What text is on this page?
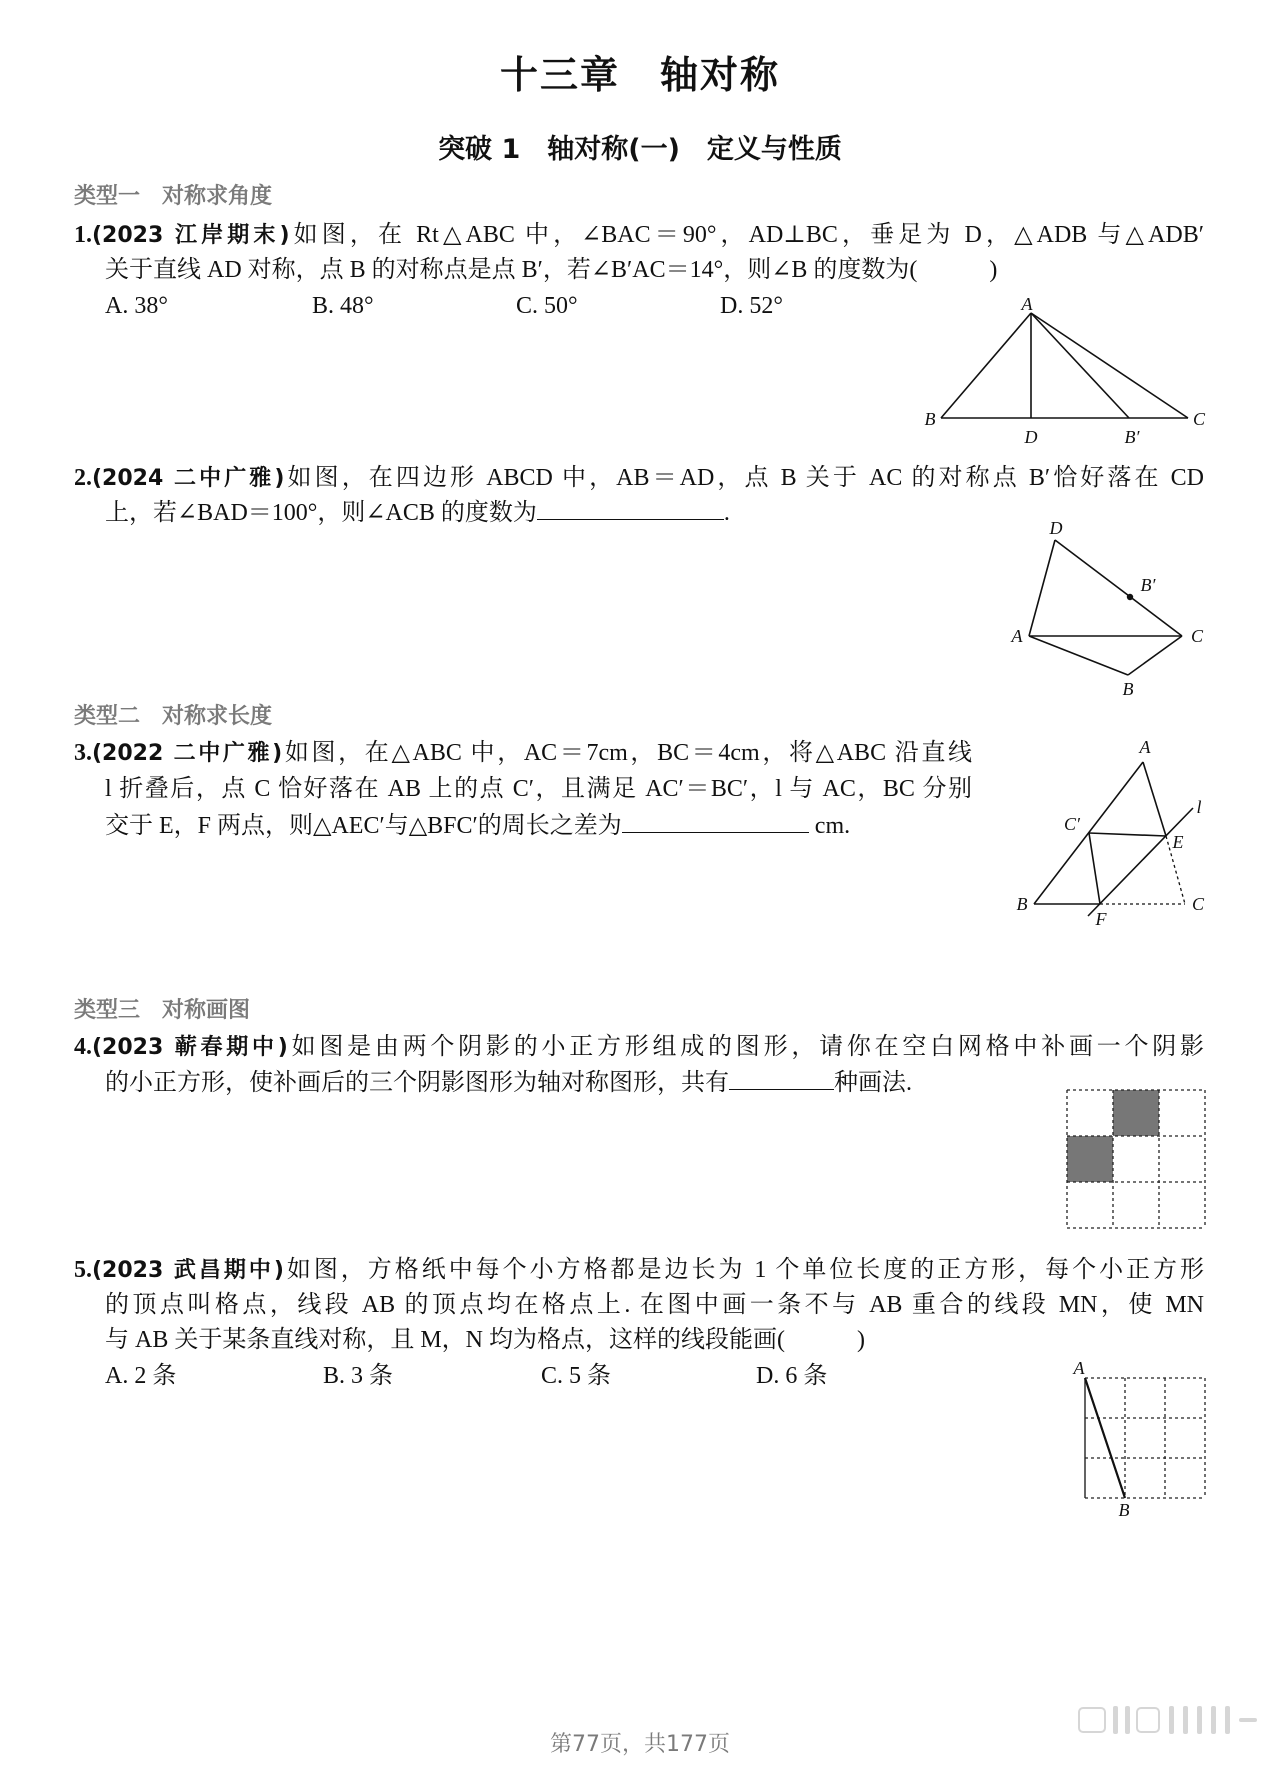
十三章　轴对称
突破 1　轴对称(一)　定义与性质
类型一　对称求角度
1.(2023 江岸期末)如图，在 Rt△ABC 中，∠BAC＝90°，AD⊥BC，垂足为 D，△ADB 与△ADB′
关于直线 AD 对称，点 B 的对称点是点 B′，若∠B′AC＝14°，则∠B 的度数为(　　　)
A. 38°	B. 48°	C. 50°	D. 52°	A
B	C
D	B′
2.(2024 二中广雅)如图，在四边形 ABCD 中，AB＝AD，点 B 关于 AC 的对称点 B′恰好落在 CD
上，若∠BAD＝100°，则∠ACB 的度数为	.
D
B′
C
A
B
类型二　对称求长度
3.(2022 二中广雅)如图，在△ABC 中，AC＝7cm，BC＝4cm，将△ABC 沿直线
l 折叠后，点 C 恰好落在 AB 上的点 C′，且满足 AC′＝BC′，l 与 AC，BC 分别
交于 E，F 两点，则△AEC′与△BFC′的周长之差为	cm.
A
l
C′
E
B
F
C
类型三　对称画图
4.(2023 蕲春期中)如图是由两个阴影的小正方形组成的图形，请你在空白网格中补画一个阴影
的小正方形，使补画后的三个阴影图形为轴对称图形，共有	种画法.
5.(2023 武昌期中)如图，方格纸中每个小方格都是边长为 1 个单位长度的正方形，每个小正方形
的顶点叫格点，线段 AB 的顶点均在格点上. 在图中画一条不与 AB 重合的线段 MN，使 MN
与 AB 关于某条直线对称，且 M，N 均为格点，这样的线段能画(　　　)
A. 2 条	B. 3 条	C. 5 条	D. 6 条	A
B
第77页，共177页
